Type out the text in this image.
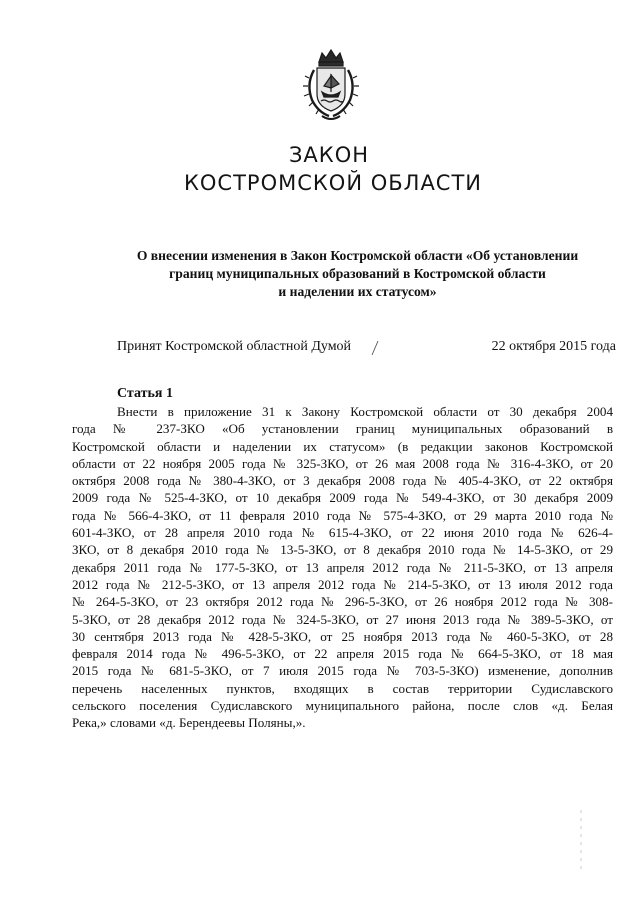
ЗАКОН
КОСТРОМСКОЙ ОБЛАСТИ
О внесении изменения в Закон Костромской области «Об установлении
границ муниципальных образований в Костромской области
и наделении их статусом»
Принят Костромской областной Думой	22 октября 2015 года
Статья 1
Внести в приложение 31 к Закону Костромской области от 30 декабря 2004
года № 237-ЗКО «Об установлении границ муниципальных образований в
Костромской области и наделении их статусом» (в редакции законов Костромской
области от 22 ноября 2005 года № 325-ЗКО, от 26 мая 2008 года № 316-4-ЗКО, от 20
октября 2008 года № 380-4-ЗКО, от 3 декабря 2008 года № 405-4-ЗКО, от 22 октября
2009 года № 525-4-ЗКО, от 10 декабря 2009 года № 549-4-ЗКО, от 30 декабря 2009
года № 566-4-ЗКО, от 11 февраля 2010 года № 575-4-ЗКО, от 29 марта 2010 года №
601-4-ЗКО, от 28 апреля 2010 года № 615-4-ЗКО, от 22 июня 2010 года № 626-4-
ЗКО, от 8 декабря 2010 года № 13-5-ЗКО, от 8 декабря 2010 года № 14-5-ЗКО, от 29
декабря 2011 года № 177-5-ЗКО, от 13 апреля 2012 года № 211-5-ЗКО, от 13 апреля
2012 года № 212-5-ЗКО, от 13 апреля 2012 года № 214-5-ЗКО, от 13 июля 2012 года
№ 264-5-ЗКО, от 23 октября 2012 года № 296-5-ЗКО, от 26 ноября 2012 года № 308-
5-ЗКО, от 28 декабря 2012 года № 324-5-ЗКО, от 27 июня 2013 года № 389-5-ЗКО, от
30 сентября 2013 года № 428-5-ЗКО, от 25 ноября 2013 года № 460-5-ЗКО, от 28
февраля 2014 года № 496-5-ЗКО, от 22 апреля 2015 года № 664-5-ЗКО, от 18 мая
2015 года № 681-5-ЗКО, от 7 июля 2015 года № 703-5-ЗКО) изменение, дополнив
перечень населенных пунктов, входящих в состав территории Судиславского
сельского поселения Судиславского муниципального района, после слов «д. Белая
Река,» словами «д. Берендеевы Поляны,».
